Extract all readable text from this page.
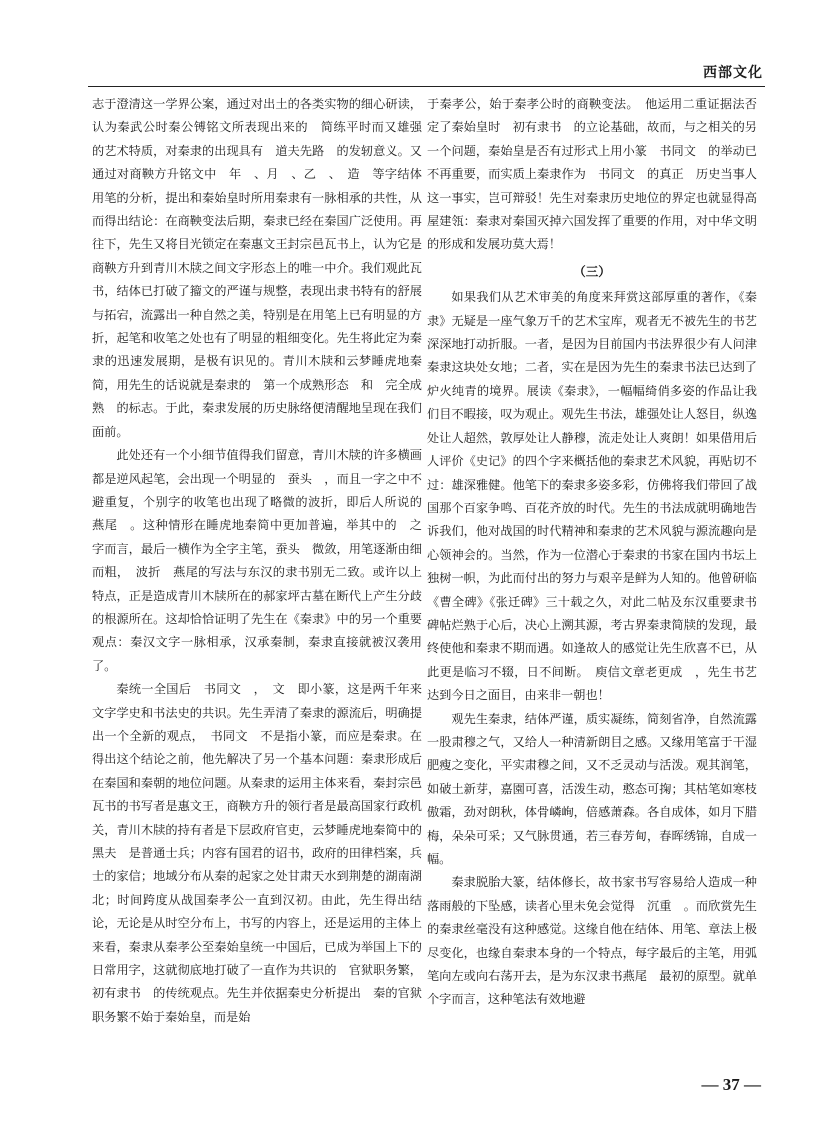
西部文化

志于澄清这一学界公案，通过对出土的各类实物的细心研读，认为秦武公时秦公镈铭文所表现出来的　简练平时而又雄强　的艺术特质，对秦隶的出现具有　道夫先路　的发轫意义。又通过对商鞅方升铭文中　年　、月　、乙　、　造　等字结体用笔的分析，提出和秦始皇时所用秦隶有一脉相承的共性，从而得出结论：在商鞅变法后期，秦隶已经在秦国广泛使用。再往下，先生又将目光锁定在秦惠文王封宗邑瓦书上，认为它是商鞅方升到青川木牍之间文字形态上的唯一中介。我们观此瓦书，结体已打破了籀文的严谨与规整，表现出隶书特有的舒展与拓宕，流露出一种自然之美，特别是在用笔上已有明显的方折，起笔和收笔之处也有了明显的粗细变化。先生将此定为秦隶的迅速发展期，是极有识见的。青川木牍和云梦睡虎地秦简，用先生的话说就是秦隶的　第一个成熟形态　和　完全成熟　的标志。于此，秦隶发展的历史脉络便清醒地呈现在我们面前。

此处还有一个小细节值得我们留意，青川木牍的许多横画都是逆风起笔，会出现一个明显的　蚕头　，而且一字之中不避重复，个别字的收笔也出现了略微的波折，即后人所说的　燕尾　。这种情形在睡虎地秦简中更加普遍，举其中的　之　字而言，最后一横作为全字主笔，蚕头　微敛，用笔逐渐由细而粗，　波折　燕尾的写法与东汉的隶书别无二致。或许以上特点，正是造成青川木牍所在的郝家坪古墓在断代上产生分歧的根源所在。这却恰恰证明了先生在《秦隶》中的另一个重要观点：秦汉文字一脉相承，汉承秦制，秦隶直接就被汉袭用了。

秦统一全国后　书同文　，　文　即小篆，这是两千年来文字学史和书法史的共识。先生弄清了秦隶的源流后，明确提出一个全新的观点，　书同文　不是指小篆，而应是秦隶。在得出这个结论之前，他先解决了另一个基本问题：秦隶形成后在秦国和秦朝的地位问题。从秦隶的运用主体来看，秦封宗邑瓦书的书写者是惠文王，商鞅方升的领行者是最高国家行政机关，青川木牍的持有者是下层政府官吏，云梦睡虎地秦简中的　黑夫　是普通士兵；内容有国君的诏书，政府的田律档案，兵士的家信；地域分布从秦的起家之处甘肃天水到荆楚的湖南湖北；时间跨度从战国秦孝公一直到汉初。由此，先生得出结论，无论是从时空分布上，书写的内容上，还是运用的主体上来看，秦隶从秦孝公至秦始皇统一中国后，已成为举国上下的日常用字，这就彻底地打破了一直作为共识的　官狱职务繁，初有隶书　的传统观点。先生并依据秦史分析提出　秦的官狱职务繁不始于秦始皇，而是始

于秦孝公，始于秦孝公时的商鞅变法。　他运用二重证据法否定了秦始皇时　初有隶书　的立论基础，故而，与之相关的另一个问题，秦始皇是否有过形式上用小篆　书同文　的举动已不再重要，而实质上秦隶作为　书同文　的真正　历史当事人　这一事实，岂可辩驳！先生对秦隶历史地位的界定也就显得高屋建瓴：秦隶对秦国灭掉六国发挥了重要的作用，对中华文明的形成和发展功莫大焉！

（三）

如果我们从艺术审美的角度来拜赏这部厚重的著作，《秦隶》无疑是一座气象万千的艺术宝库，观者无不被先生的书艺深深地打动折服。一者，是因为目前国内书法界很少有人问津秦隶这块处女地；二者，实在是因为先生的秦隶书法已达到了炉火纯青的境界。展读《秦隶》，一幅幅绮俏多姿的作品让我们目不暇接，叹为观止。观先生书法，雄强处让人怒目，纵逸处让人超然，敦厚处让人静穆，流走处让人爽朗！如果借用后人评价《史记》的四个字来概括他的秦隶艺术风貌，再贴切不过：雄深雅健。他笔下的秦隶多姿多彩，仿佛将我们带回了战国那个百家争鸣、百花齐放的时代。先生的书法成就明确地告诉我们，他对战国的时代精神和秦隶的艺术风貌与源流趣向是心领神会的。当然，作为一位潜心于秦隶的书家在国内书坛上独树一帜，为此而付出的努力与艰辛是鲜为人知的。他曾研临《曹全碑》《张迁碑》三十载之久，对此二帖及东汉重要隶书碑帖烂熟于心后，决心上溯其源，考古界秦隶简牍的发现，最终使他和秦隶不期而遇。如逢故人的感觉让先生欣喜不已，从此更是临习不辍，日不间断。　庾信文章老更成　，先生书艺达到今日之面目，由来非一朝也！

观先生秦隶，结体严谨，质实凝练，简刻省净，自然流露一股肃穆之气，又给人一种清新朗目之感。又缘用笔富于干湿肥瘦之变化，平实肃穆之间，又不乏灵动与活泼。观其润笔，如破土新芽，嘉園可喜，活泼生动，憨态可掬；其枯笔如寒枝傲霜，劲对朗秋，体骨嶙峋，倍感萧森。各自成体，如月下腊梅，朵朵可采；又气脉贯通，若三春芳甸，春晖绣锦，自成一幅。

秦隶脱胎大篆，结体修长，故书家书写容易给人造成一种落雨般的下坠感，读者心里未免会觉得　沉重　。而欣赏先生的秦隶丝毫没有这种感觉。这缘自他在结体、用笔、章法上极尽变化，也缘自秦隶本身的一个特点，每字最后的主笔，用弧笔向左或向右荡开去，是为东汉隶书燕尾　最初的原型。就单个字而言，这种笔法有效地避

— 37 —
